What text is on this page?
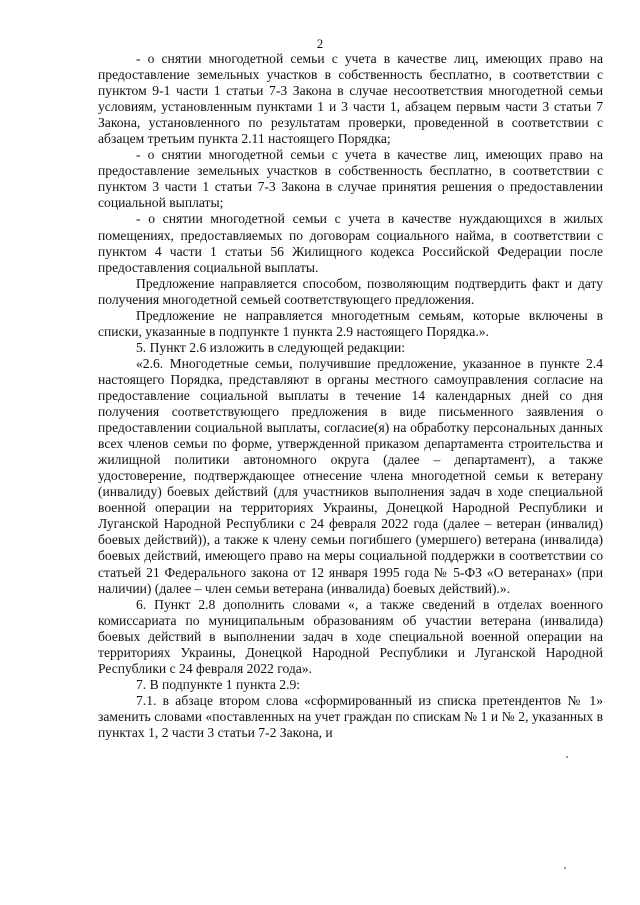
2

- о снятии многодетной семьи с учета в качестве лиц, имеющих право на предоставление земельных участков в собственность бесплатно, в соответствии с пунктом 9-1 части 1 статьи 7-3 Закона в случае несоответствия многодетной семьи условиям, установленным пунктами 1 и 3 части 1, абзацем первым части 3 статьи 7 Закона, установленного по результатам проверки, проведенной в соответствии с абзацем третьим пункта 2.11 настоящего Порядка;

- о снятии многодетной семьи с учета в качестве лиц, имеющих право на предоставление земельных участков в собственность бесплатно, в соответствии с пунктом 3 части 1 статьи 7-3 Закона в случае принятия решения о предоставлении социальной выплаты;

- о снятии многодетной семьи с учета в качестве нуждающихся в жилых помещениях, предоставляемых по договорам социального найма, в соответствии с пунктом 4 части 1 статьи 56 Жилищного кодекса Российской Федерации после предоставления социальной выплаты.

Предложение направляется способом, позволяющим подтвердить факт и дату получения многодетной семьей соответствующего предложения.

Предложение не направляется многодетным семьям, которые включены в списки, указанные в подпункте 1 пункта 2.9 настоящего Порядка.».

5. Пункт 2.6 изложить в следующей редакции:

«2.6. Многодетные семьи, получившие предложение, указанное в пункте 2.4 настоящего Порядка, представляют в органы местного самоуправления согласие на предоставление социальной выплаты в течение 14 календарных дней со дня получения соответствующего предложения в виде письменного заявления о предоставлении социальной выплаты, согласие(я) на обработку персональных данных всех членов семьи по форме, утвержденной приказом департамента строительства и жилищной политики автономного округа (далее – департамент), а также удостоверение, подтверждающее отнесение члена многодетной семьи к ветерану (инвалиду) боевых действий (для участников выполнения задач в ходе специальной военной операции на территориях Украины, Донецкой Народной Республики и Луганской Народной Республики с 24 февраля 2022 года (далее – ветеран (инвалид) боевых действий)), а также к члену семьи погибшего (умершего) ветерана (инвалида) боевых действий, имеющего право на меры социальной поддержки в соответствии со статьей 21 Федерального закона от 12 января 1995 года № 5-ФЗ «О ветеранах» (при наличии) (далее – член семьи ветерана (инвалида) боевых действий).».

6. Пункт 2.8 дополнить словами «, а также сведений в отделах военного комиссариата по муниципальным образованиям об участии ветерана (инвалида) боевых действий в выполнении задач в ходе специальной военной операции на территориях Украины, Донецкой Народной Республики и Луганской Народной Республики с 24 февраля 2022 года».

7. В подпункте 1 пункта 2.9:

7.1. в абзаце втором слова «сформированный из списка претендентов № 1» заменить словами «поставленных на учет граждан по спискам № 1 и № 2, указанных в пунктах 1, 2 части 3 статьи 7-2 Закона, и
